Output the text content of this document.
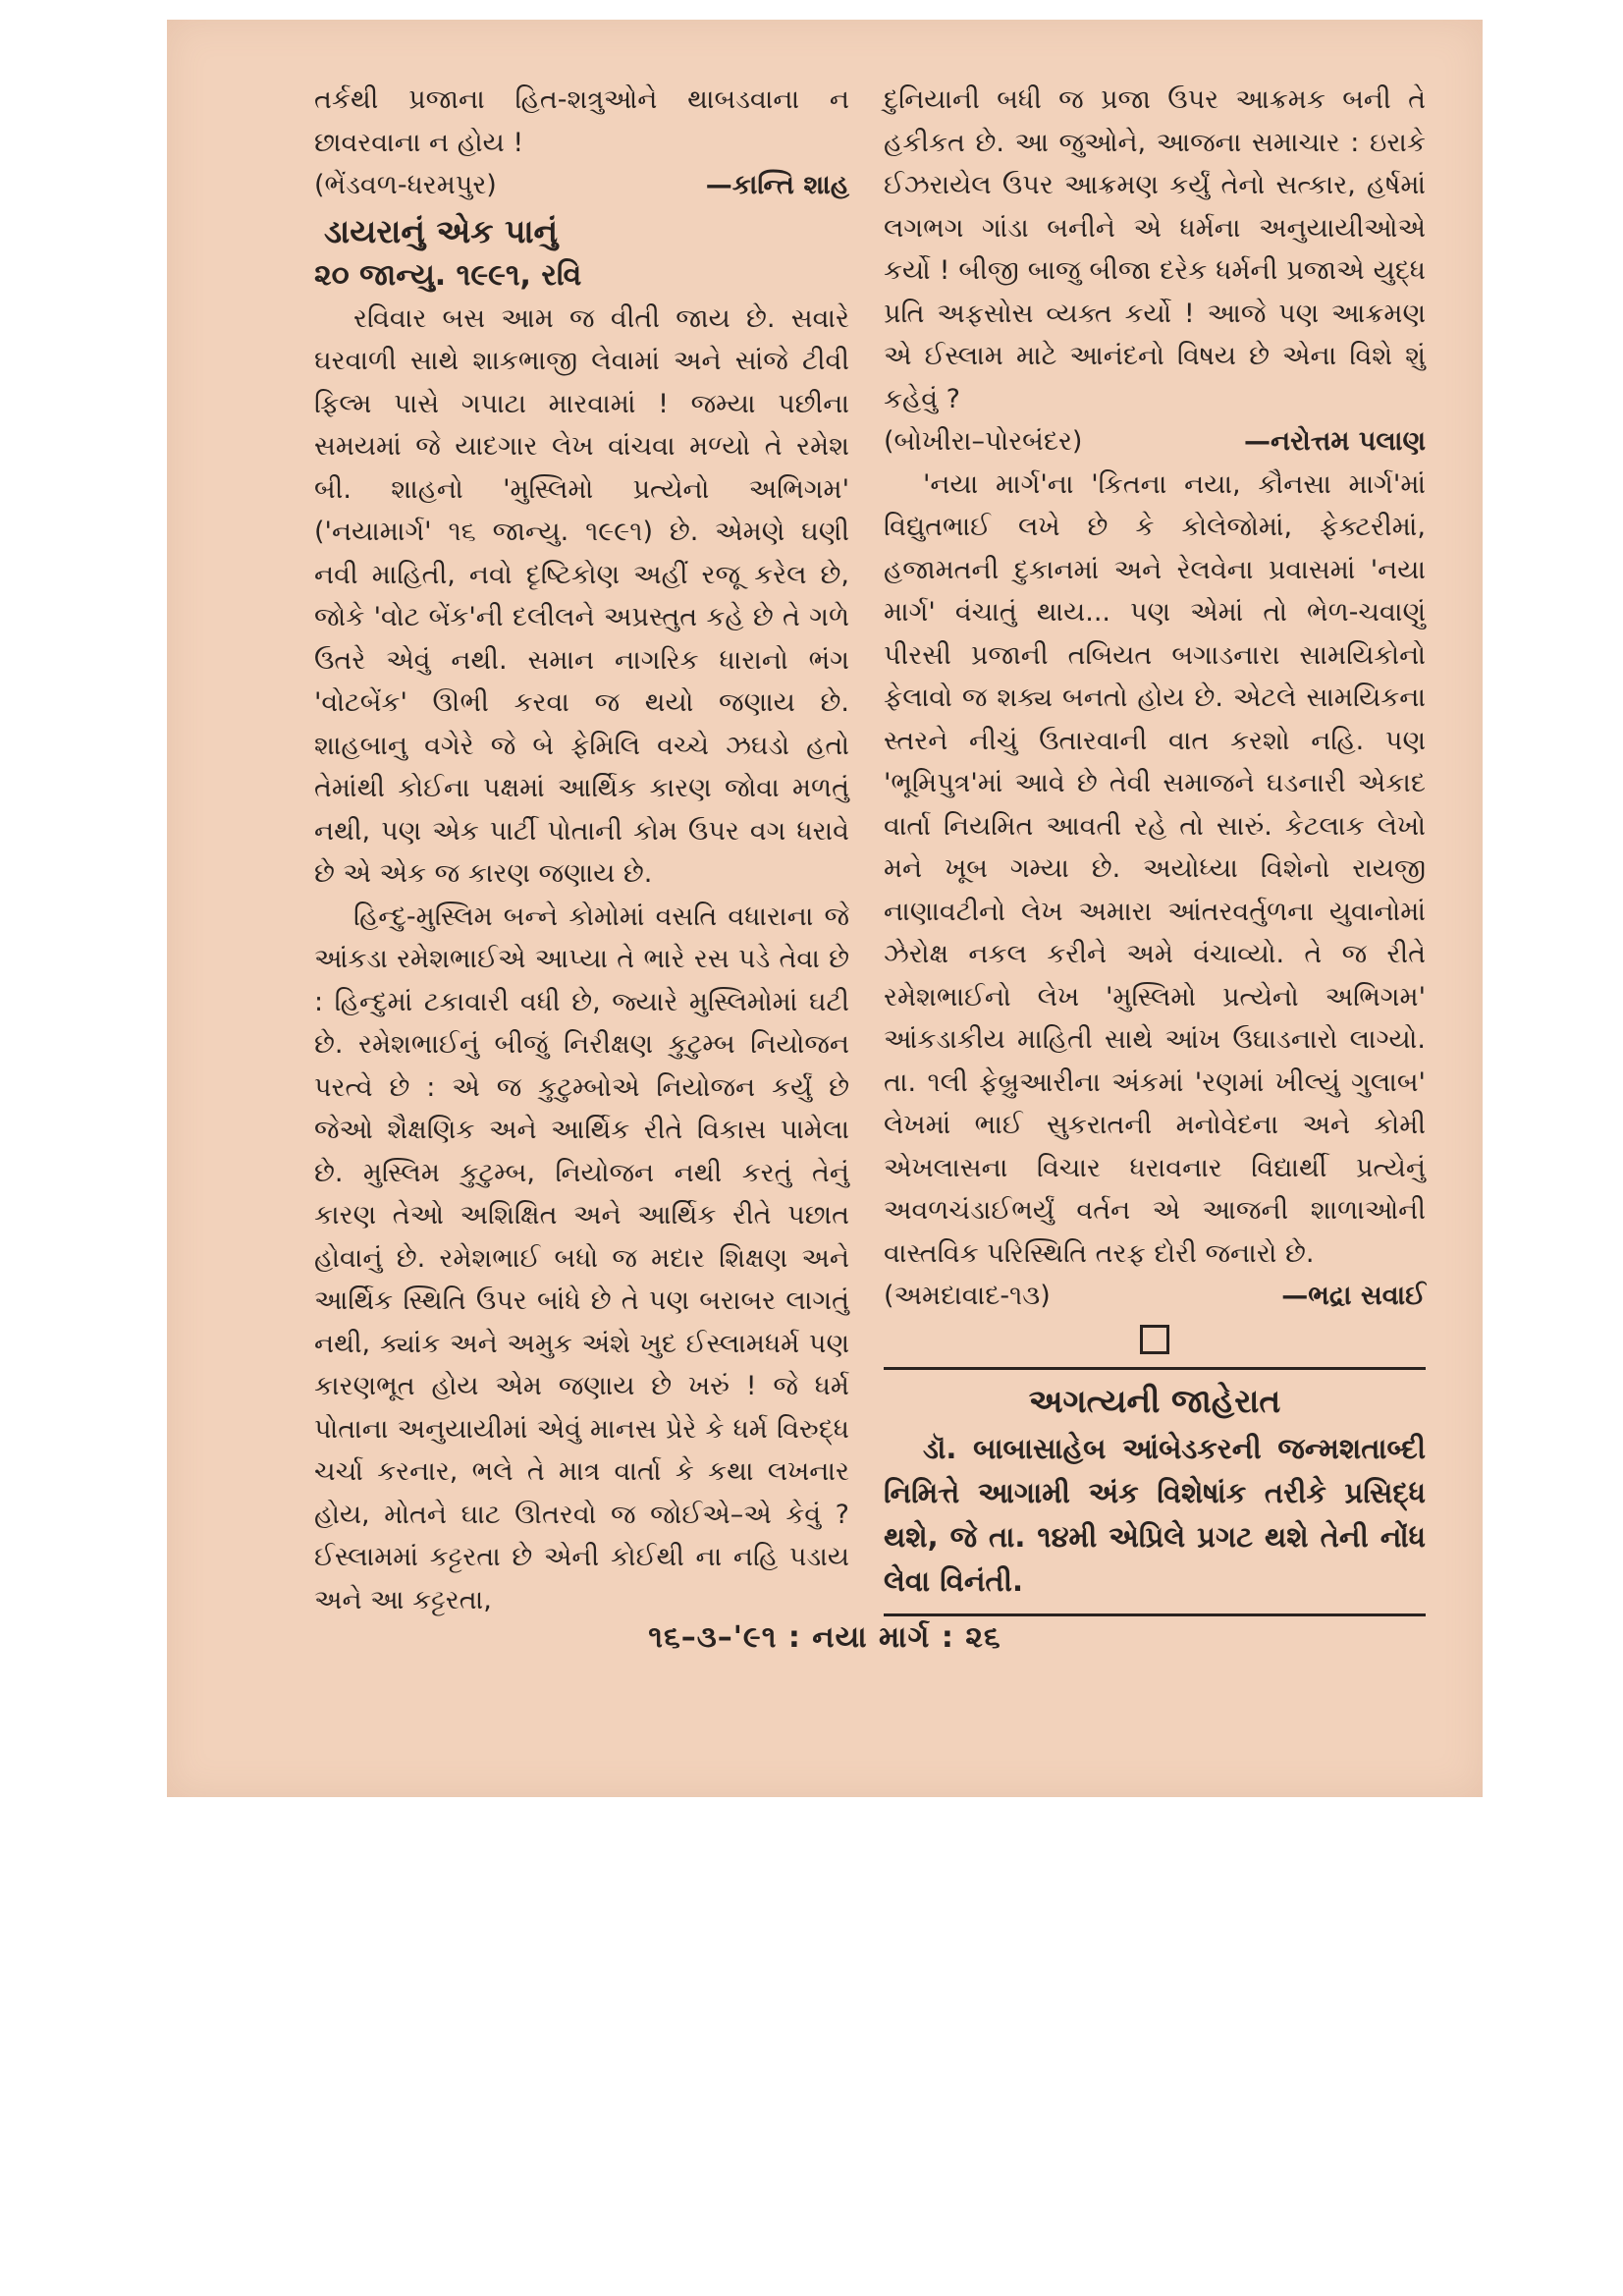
તર્કથી પ્રજાના હિત-શત્રુઓને થાબડવાના ન છાવરવાના ન હોય !

(ભેંડવળ-ધરમપુર)	—કાન્તિ શાહ
ડાયરાનું એક પાનું
૨૦ જાન્યુ. ૧૯૯૧, રવિ

રવિવાર બસ આમ જ વીતી જાય છે. સવારે ઘરવાળી સાથે શાકભાજી લેવામાં અને સાંજે ટીવી ફિલ્મ પાસે ગપાટા મારવામાં ! જમ્યા પછીના સમયમાં જે યાદગાર લેખ વાંચવા મળ્યો તે રમેશ બી. શાહનો 'મુસ્લિમો પ્રત્યેનો અભિગમ' ('નયામાર્ગ' ૧૬ જાન્યુ. ૧૯૯૧) છે. એમણે ઘણી નવી માહિતી, નવો દૃષ્ટિકોણ અહીં રજૂ કરેલ છે, જોકે 'વોટ બેંક'ની દલીલને અપ્રસ્તુત કહે છે તે ગળે ઉતરે એવું નથી. સમાન નાગરિક ધારાનો ભંગ 'વોટબેંક' ઊભી કરવા જ થયો જણાય છે. શાહબાનુ વગેરે જે બે ફેમિલિ વચ્ચે ઝઘડો હતો તેમાંથી કોઈના પક્ષમાં આર્થિક કારણ જોવા મળતું નથી, પણ એક પાર્ટી પોતાની કોમ ઉપર વગ ધરાવે છે એ એક જ કારણ જણાય છે.

હિન્દુ-મુસ્લિમ બન્ને કોમોમાં વસતિ વધારાના જે આંકડા રમેશભાઈએ આપ્યા તે ભારે રસ પડે તેવા છે : હિન્દુમાં ટકાવારી વધી છે, જ્યારે મુસ્લિમોમાં ઘટી છે. રમેશભાઈનું બીજું નિરીક્ષણ કુટુમ્બ નિયોજન પરત્વે છે : એ જ કુટુમ્બોએ નિયોજન કર્યું છે જેઓ શૈક્ષણિક અને આર્થિક રીતે વિકાસ પામેલા છે. મુસ્લિમ કુટુમ્બ, નિયોજન નથી કરતું તેનું કારણ તેઓ અશિક્ષિત અને આર્થિક રીતે પછાત હોવાનું છે. રમેશભાઈ બધો જ મદાર શિક્ષણ અને આર્થિક સ્થિતિ ઉપર બાંધે છે તે પણ બરાબર લાગતું નથી, ક્યાંક અને અમુક અંશે ખુદ ઈસ્લામધર્મ પણ કારણભૂત હોય એમ જણાય છે ખરું ! જે ધર્મ પોતાના અનુયાયીમાં એવું માનસ પ્રેરે કે ધર્મ વિરુદ્ધ ચર્ચા કરનાર, ભલે તે માત્ર વાર્તા કે કથા લખનાર હોય, મોતને ઘાટ ઊતરવો જ જોઈએ–એ કેવું ? ઈસ્લામમાં કટ્ટરતા છે એની કોઈથી ના નહિ પડાય અને આ કટ્ટરતા,

દુનિયાની બધી જ પ્રજા ઉપર આક્રમક બની તે હકીકત છે. આ જુઓને, આજના સમાચાર : ઇરાકે ઈઝરાયેલ ઉપર આક્રમણ કર્યું તેનો સત્કાર, હર્ષમાં લગભગ ગાંડા બનીને એ ધર્મના અનુયાયીઓએ કર્યો ! બીજી બાજુ બીજા દરેક ધર્મની પ્રજાએ યુદ્ધ પ્રતિ અફસોસ વ્યક્ત કર્યો ! આજે પણ આક્રમણ એ ઈસ્લામ માટે આનંદનો વિષય છે એના વિશે શું કહેવું ?

(બોખીરા–પોરબંદર)	—નરોત્તમ પલાણ

'નયા માર્ગ'ના 'કિતના નયા, કૌનસા માર્ગ'માં વિદ્યુતભાઈ લખે છે કે કોલેજોમાં, ફેક્ટરીમાં, હજામતની દુકાનમાં અને રેલવેના પ્રવાસમાં 'નયા માર્ગ' વંચાતું થાય... પણ એમાં તો ભેળ-ચવાણું પીરસી પ્રજાની તબિયત બગાડનારા સામયિકોનો ફેલાવો જ શક્ય બનતો હોય છે. એટલે સામયિકના સ્તરને નીચું ઉતારવાની વાત કરશો નહિ. પણ 'ભૂમિપુત્ર'માં આવે છે તેવી સમાજને ઘડનારી એકાદ વાર્તા નિયમિત આવતી રહે તો સારું. કેટલાક લેખો મને ખૂબ ગમ્યા છે. અયોધ્યા વિશેનો રાયજી નાણાવટીનો લેખ અમારા આંતરવર્તુળના યુવાનોમાં ઝેરોક્ષ નકલ કરીને અમે વંચાવ્યો. તે જ રીતે રમેશભાઈનો લેખ 'મુસ્લિમો પ્રત્યેનો અભિગમ' આંકડાકીય માહિતી સાથે આંખ ઉઘાડનારો લાગ્યો. તા. ૧લી ફેબ્રુઆરીના અંકમાં 'રણમાં ખીલ્યું ગુલાબ' લેખમાં ભાઈ સુકરાતની મનોવેદના અને કોમી એખલાસના વિચાર ધરાવનાર વિદ્યાર્થી પ્રત્યેનું અવળચંડાઈભર્યું વર્તન એ આજની શાળાઓની વાસ્તવિક પરિસ્થિતિ તરફ દોરી જનારો છે.

(અમદાવાદ-૧૩)	—ભદ્રા સવાઈ
અગત્યની જાહેરાત

ડૉ. બાબાસાહેબ આંબેડકરની જન્મશતાબ્દી નિમિત્તે આગામી અંક વિશેષાંક તરીકે પ્રસિદ્ધ થશે, જે તા. ૧૪મી એપ્રિલે પ્રગટ થશે તેની નોંધ લેવા વિનંતી.

૧૬–૩–'૯૧ : નયા માર્ગ : ૨૬
